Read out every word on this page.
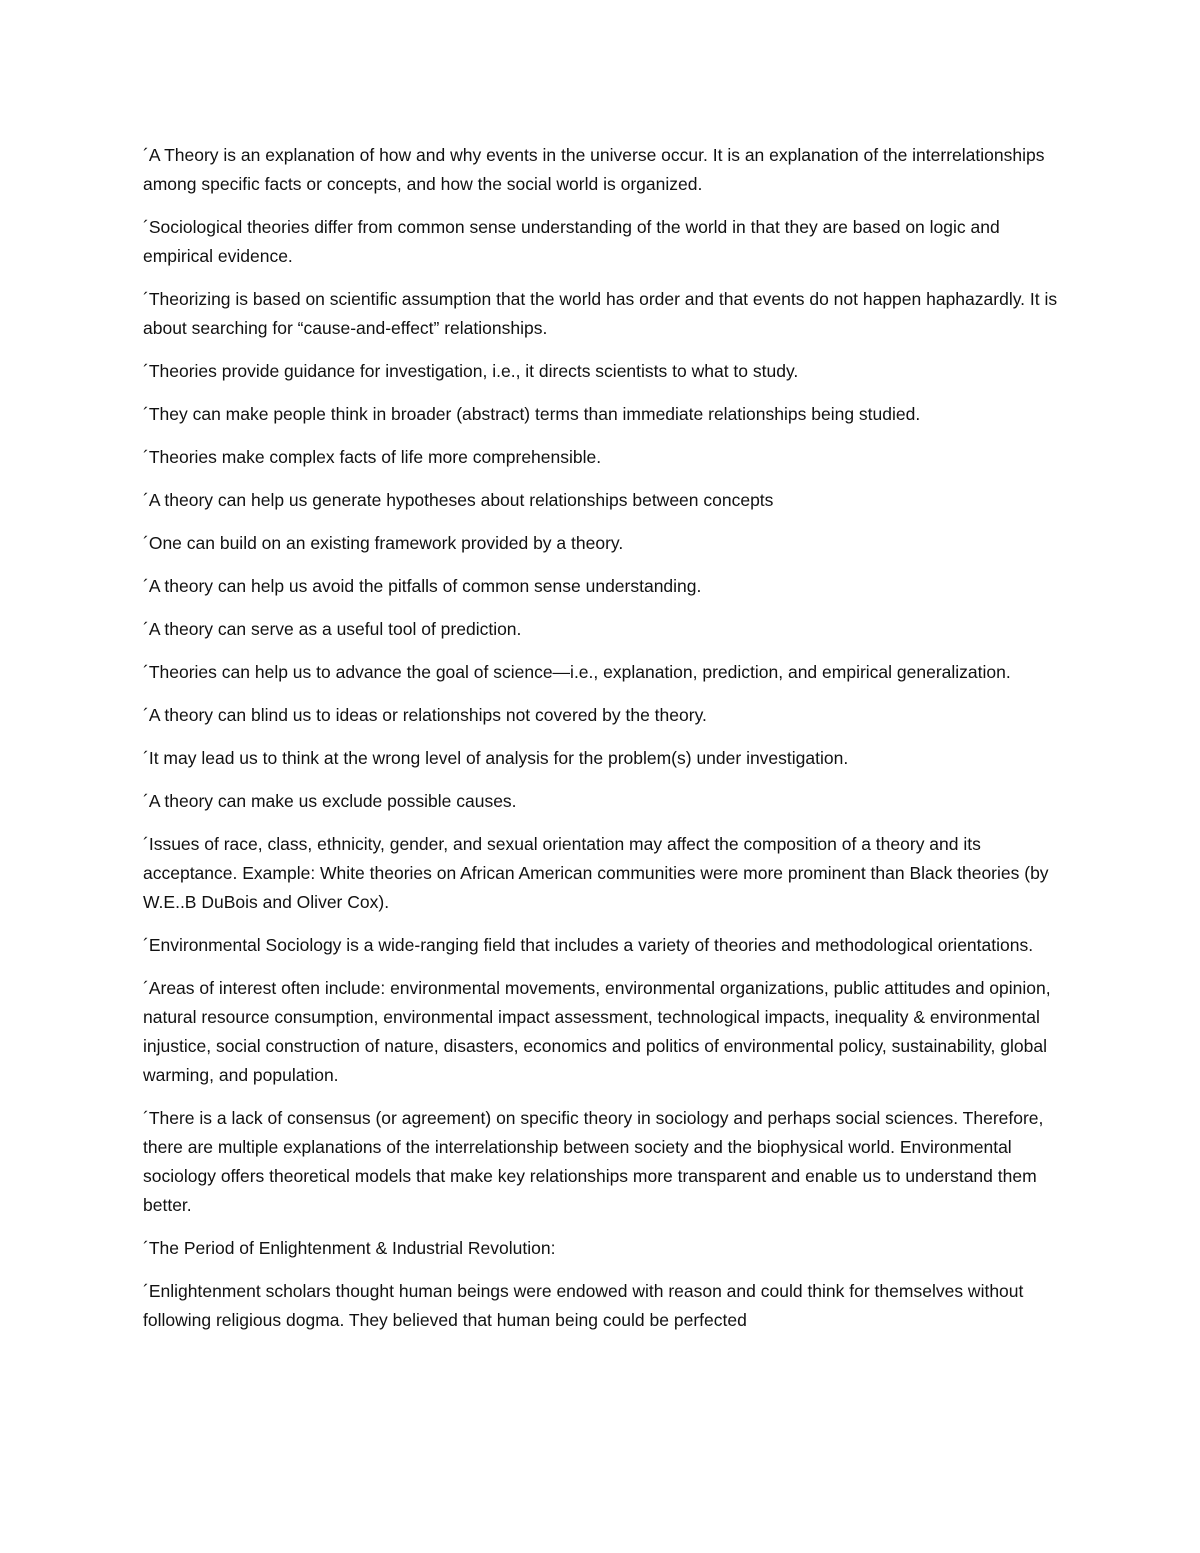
´A Theory is an explanation of how and why events in the universe occur. It is an explanation of the interrelationships among specific facts or concepts, and how the social world is organized.

´Sociological theories differ from common sense understanding of the world in that they are based on logic and empirical evidence.

´Theorizing is based on scientific assumption that the world has order and that events do not happen haphazardly. It is about searching for “cause-and-effect” relationships.

´Theories provide guidance for investigation, i.e., it directs scientists to what to study.

´They can make people think in broader (abstract) terms than immediate relationships being studied.

´Theories make complex facts of life more comprehensible.

´A theory can help us generate hypotheses about relationships between concepts

´One can build on an existing framework provided by a theory.

´A theory can help us avoid the pitfalls of common sense understanding.

´A theory can serve as a useful tool of prediction.

´Theories can help us to advance the goal of science—i.e., explanation, prediction, and empirical generalization.

´A theory can blind us to ideas or relationships not covered by the theory.

´It may lead us to think at the wrong level of analysis for the problem(s) under investigation.

´A theory can make us exclude possible causes.

´Issues of race, class, ethnicity, gender, and sexual orientation may affect the composition of a theory and its acceptance. Example: White theories on African American communities were more prominent than Black theories (by W.E..B DuBois and Oliver Cox).

´Environmental Sociology is a wide-ranging field that includes a variety of theories and methodological orientations.

´Areas of interest often include: environmental movements, environmental organizations, public attitudes and opinion, natural resource consumption, environmental impact assessment, technological impacts, inequality & environmental injustice, social construction of nature, disasters, economics and politics of environmental policy, sustainability, global warming, and population.

´There is a lack of consensus (or agreement) on specific theory in sociology and perhaps social sciences. Therefore, there are multiple explanations of the interrelationship between society and the biophysical world. Environmental sociology offers theoretical models that make key relationships more transparent and enable us to understand them better.

´The Period of Enlightenment & Industrial Revolution:

´Enlightenment scholars thought human beings were endowed with reason and could think for themselves without following religious dogma. They believed that human being could be perfected
